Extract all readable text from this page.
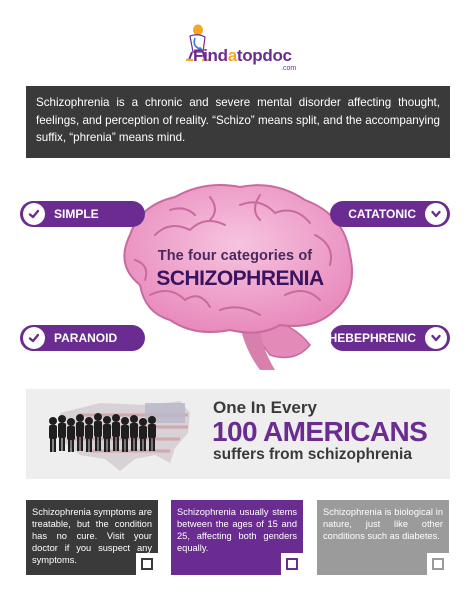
Findatopdoc
.com
Schizophrenia is a chronic and severe mental disorder affecting thought, feelings, and perception of reality. “Schizo” means split, and the accompanying suffix, “phrenia” means mind.
The four categories of
SCHIZOPHRENIA
SIMPLE	CATATONIC
PARANOID	HEBEPHRENIC
One In Every
100 AMERICANS
suffers from schizophrenia
Schizophrenia symptoms are treatable, but the condition has no cure. Visit your doctor if you suspect any symptoms.
Schizophrenia usually stems between the ages of 15 and 25, affecting both genders equally.
Schizophrenia is biological in nature, just like other conditions such as diabetes.
